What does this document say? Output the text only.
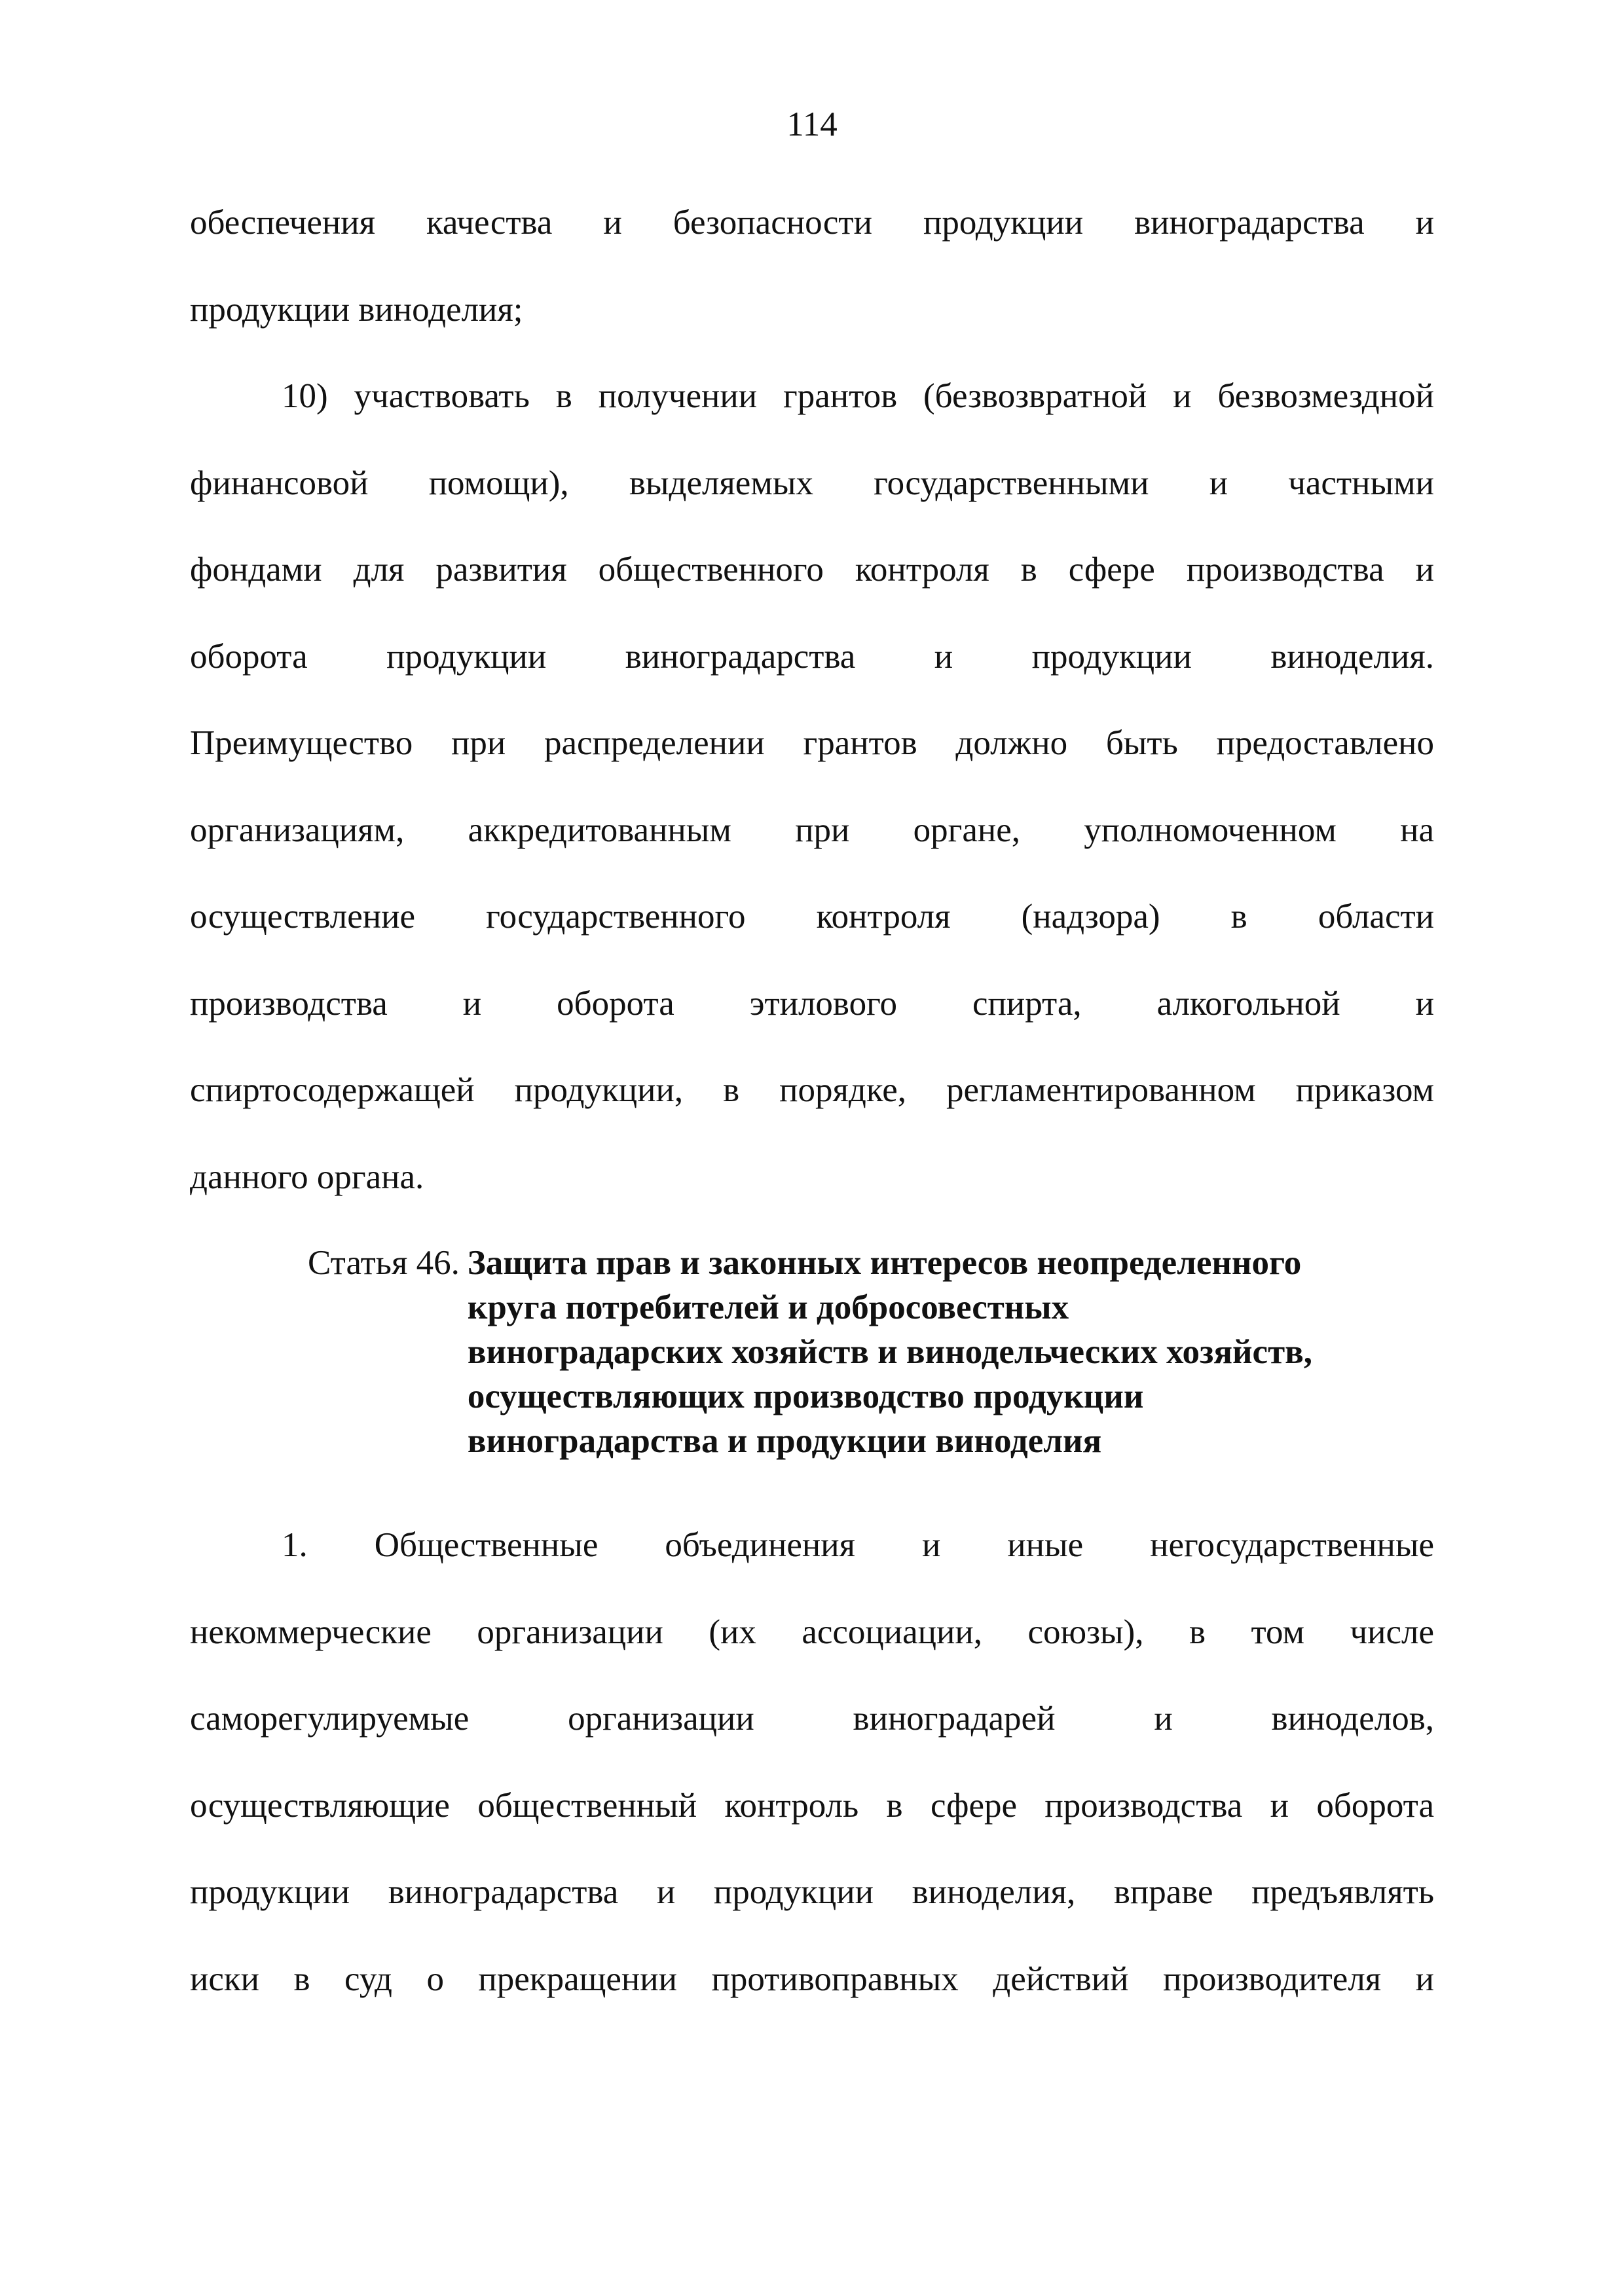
114
обеспечения качества и безопасности продукции виноградарства и
продукции виноделия;
10) участвовать в получении грантов (безвозвратной и безвозмездной
финансовой помощи), выделяемых государственными и частными
фондами для развития общественного контроля в сфере производства и
оборота продукции виноградарства и продукции виноделия.
Преимущество при распределении грантов должно быть предоставлено
организациям, аккредитованным при органе, уполномоченном на
осуществление государственного контроля (надзора) в области
производства и оборота этилового спирта, алкогольной и
спиртосодержащей продукции, в порядке, регламентированном приказом
данного органа.
Статья 46. Защита прав и законных интересов неопределенного
круга потребителей и добросовестных
виноградарских хозяйств и винодельческих хозяйств,
осуществляющих производство продукции
виноградарства и продукции виноделия
1. Общественные объединения и иные негосударственные
некоммерческие организации (их ассоциации, союзы), в том числе
саморегулируемые организации виноградарей и виноделов,
осуществляющие общественный контроль в сфере производства и оборота
продукции виноградарства и продукции виноделия, вправе предъявлять
иски в суд о прекращении противоправных действий производителя и
